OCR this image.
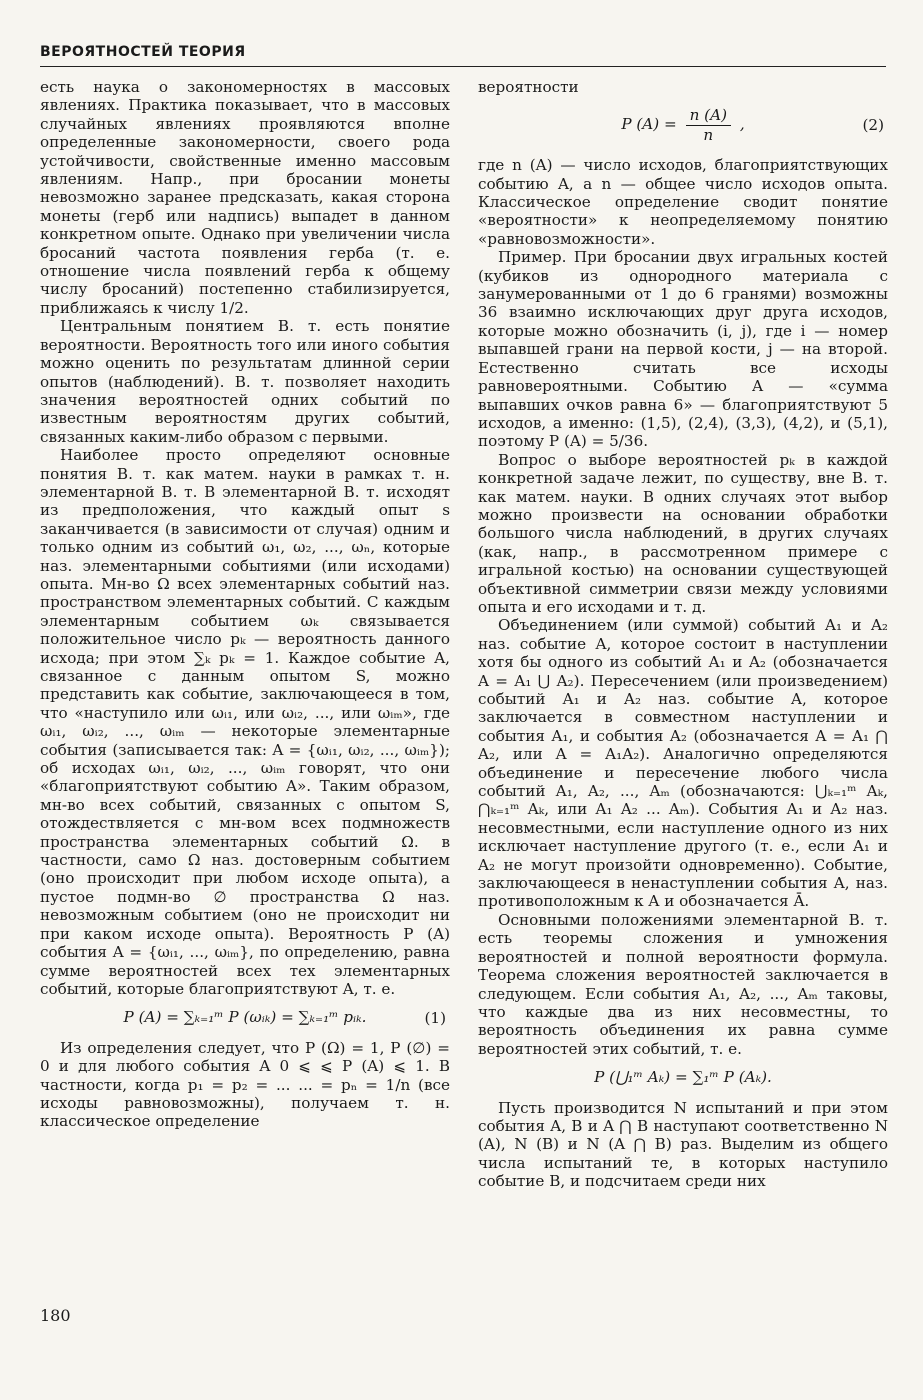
ВЕРОЯТНОСТЕЙ ТЕОРИЯ

есть наука о закономерностях в массовых явлениях. Практика показывает, что в массовых случайных явлениях проявляются вполне определенные закономерности, своего рода устойчивости, свойственные именно массовым явлениям. Напр., при бросании монеты невозможно заранее предсказать, какая сторона монеты (герб или надпись) выпадет в данном конкретном опыте. Однако при увеличении числа бросаний частота появления герба (т. е. отношение числа появлений герба к общему числу бросаний) постепенно стабилизируется, приближаясь к числу 1/2.

Центральным понятием В. т. есть понятие вероятности. Вероятность того или иного события можно оценить по результатам длинной серии опытов (наблюдений). В. т. позволяет находить значения вероятностей одних событий по известным вероятностям других событий, связанных каким-либо образом с первыми.

Наиболее просто определяют основные понятия В. т. как матем. науки в рамках т. н. элементарной В. т. В элементарной В. т. исходят из предположения, что каждый опыт s заканчивается (в зависимости от случая) одним и только одним из событий ω₁, ω₂, ..., ωₙ, которые наз. элементарными событиями (или исходами) опыта. Мн-во Ω всех элементарных событий наз. пространством элементарных событий. С каждым элементарным событием ωₖ связывается положительное число pₖ — вероятность данного исхода; при этом ∑ₖ pₖ = 1. Каждое событие A, связанное с данным опытом S, можно представить как событие, заключающееся в том, что «наступило или ωᵢ₁, или ωᵢ₂, ..., или ωᵢₘ», где ωᵢ₁, ωᵢ₂, ..., ωᵢₘ — некоторые элементарные события (записывается так: A = {ωᵢ₁, ωᵢ₂, ..., ωᵢₘ}); об исходах ωᵢ₁, ωᵢ₂, ..., ωᵢₘ говорят, что они «благоприятствуют событию A». Таким образом, мн-во всех событий, связанных с опытом S, отождествляется с мн-вом всех подмножеств пространства элементарных событий Ω. в частности, само Ω наз. достоверным событием (оно происходит при любом исходе опыта), а пустое подмн-во ∅ пространства Ω наз. невозможным событием (оно не происходит ни при каком исходе опыта). Вероятность P (A) события A = {ωᵢ₁, ..., ωᵢₘ}, по определению, равна сумме вероятностей всех тех элементарных событий, которые благоприятствуют A, т. е.

P (A) = ∑ₖ₌₁ᵐ P (ωᵢₖ) = ∑ₖ₌₁ᵐ pᵢₖ.	(1)

Из определения следует, что P (Ω) = 1, P (∅) = 0 и для любого события A 0 ⩽ ⩽ P (A) ⩽ 1. В частности, когда p₁ = p₂ = ... ... = pₙ = 1/n (все исходы равновозможны), получаем т. н. классическое определение

вероятности

P $(A) = \frac{n (A)}{n}$ ,	(2)

где n (A) — число исходов, благоприятствующих событию A, а n — общее число исходов опыта. Классическое определение сводит понятие «вероятности» к неопределяемому понятию «равновозможности».

Пример. При бросании двух игральных костей (кубиков из однородного материала с занумерованными от 1 до 6 гранями) возможны 36 взаимно исключающих друг друга исходов, которые можно обозначить (i, j), где i — номер выпавшей грани на первой кости, j — на второй. Естественно считать все исходы равновероятными. Событию A — «сумма выпавших очков равна 6» — благоприятствуют 5 исходов, а именно: (1,5), (2,4), (3,3), (4,2), и (5,1), поэтому P (A) = 5/36.

Вопрос о выборе вероятностей pₖ в каждой конкретной задаче лежит, по существу, вне В. т. как матем. науки. В одних случаях этот выбор можно произвести на основании обработки большого числа наблюдений, в других случаях (как, напр., в рассмотренном примере с игральной костью) на основании существующей объективной симметрии связи между условиями опыта и его исходами и т. д.

Объединением (или суммой) событий A₁ и A₂ наз. событие A, которое состоит в наступлении хотя бы одного из событий A₁ и A₂ (обозначается A = A₁ ⋃ A₂). Пересечением (или произведением) событий A₁ и A₂ наз. событие A, которое заключается в совместном наступлении и события A₁, и события A₂ (обозначается A = A₁ ⋂ A₂, или A = A₁A₂). Аналогично определяются объединение и пересечение любого числа событий A₁, A₂, ..., Aₘ (обозначаются: ⋃ₖ₌₁ᵐ Aₖ, ⋂ₖ₌₁ᵐ Aₖ, или A₁ A₂ ... Aₘ). События A₁ и A₂ наз. несовместными, если наступление одного из них исключает наступление другого (т. е., если A₁ и A₂ не могут произойти одновременно). Событие, заключающееся в ненаступлении события A, наз. противоположным к A и обозначается Ā.

Основными положениями элементарной В. т. есть теоремы сложения и умножения вероятностей и полной вероятности формула. Теорема сложения вероятностей заключается в следующем. Если события A₁, A₂, ..., Aₘ таковы, что каждые два из них несовместны, то вероятность объединения их равна сумме вероятностей этих событий, т. е.

P (⋃₁ᵐ Aₖ) = ∑₁ᵐ P (Aₖ).

Пусть производится N испытаний и при этом события A, B и A ⋂ B наступают соответственно N (A), N (B) и N (A ⋂ B) раз. Выделим из общего числа испытаний те, в которых наступило событие B, и подсчитаем среди них

180
